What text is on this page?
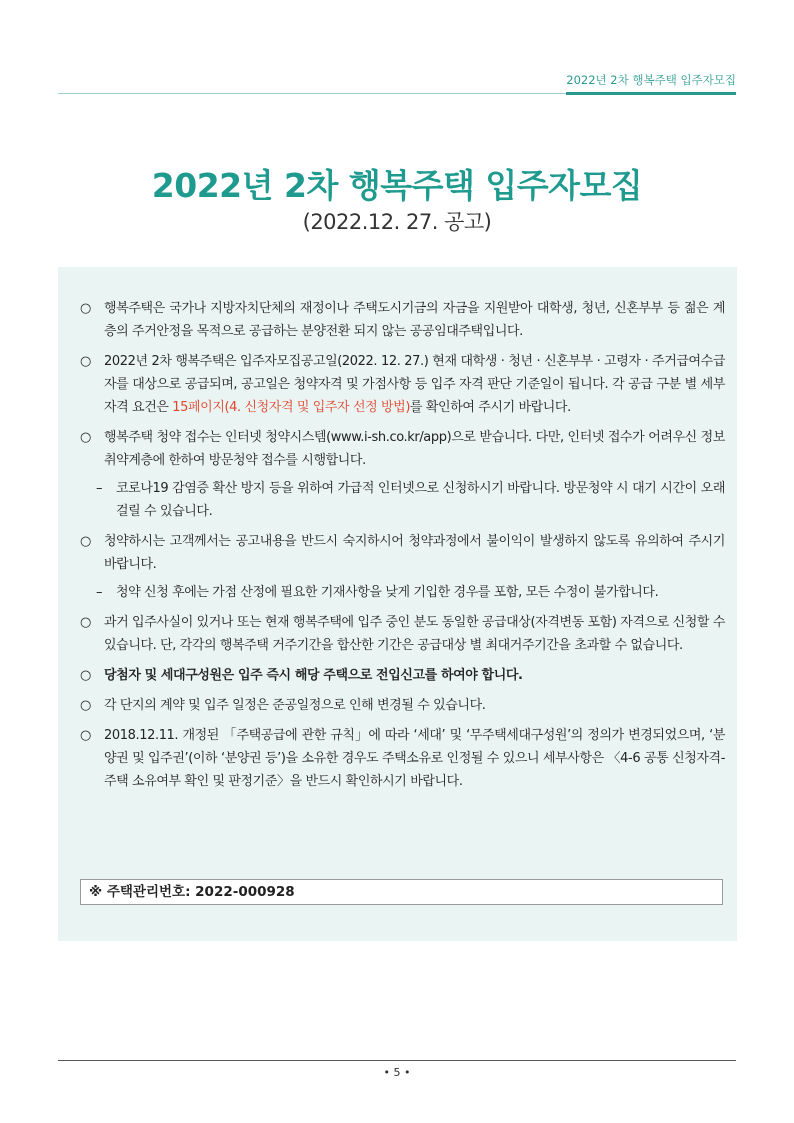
2022년 2차 행복주택 입주자모집
2022년 2차 행복주택 입주자모집
(2022.12. 27. 공고)
○ 행복주택은 국가나 지방자치단체의 재정이나 주택도시기금의 자금을 지원받아 대학생, 청년, 신혼부부 등 젊은 계층의 주거안정을 목적으로 공급하는 분양전환 되지 않는 공공임대주택입니다.
○ 2022년 2차 행복주택은 입주자모집공고일(2022. 12. 27.) 현재 대학생 · 청년 · 신혼부부 · 고령자 · 주거급여수급자를 대상으로 공급되며, 공고일은 청약자격 및 가점사항 등 입주 자격 판단 기준일이 됩니다. 각 공급 구분 별 세부 자격 요건은 15페이지(4. 신청자격 및 입주자 선정 방법)를 확인하여 주시기 바랍니다.
○ 행복주택 청약 접수는 인터넷 청약시스템(www.i-sh.co.kr/app)으로 받습니다. 다만, 인터넷 접수가 어려우신 정보취약계층에 한하여 방문청약 접수를 시행합니다.
– 코로나19 감염증 확산 방지 등을 위하여 가급적 인터넷으로 신청하시기 바랍니다. 방문청약 시 대기 시간이 오래 걸릴 수 있습니다.
○ 청약하시는 고객께서는 공고내용을 반드시 숙지하시어 청약과정에서 불이익이 발생하지 않도록 유의하여 주시기 바랍니다.
– 청약 신청 후에는 가점 산정에 필요한 기재사항을 낮게 기입한 경우를 포함, 모든 수정이 불가합니다.
○ 과거 입주사실이 있거나 또는 현재 행복주택에 입주 중인 분도 동일한 공급대상(자격변동 포함) 자격으로 신청할 수 있습니다. 단, 각각의 행복주택 거주기간을 합산한 기간은 공급대상 별 최대거주기간을 초과할 수 없습니다.
○ 당첨자 및 세대구성원은 입주 즉시 해당 주택으로 전입신고를 하여야 합니다.
○ 각 단지의 계약 및 입주 일정은 준공일정으로 인해 변경될 수 있습니다.
○ 2018.12.11. 개정된 「주택공급에 관한 규칙」에 따라 ‘세대’ 및 ‘무주택세대구성원’의 정의가 변경되었으며, ‘분양권 및 입주권’(이하 ‘분양권 등’)을 소유한 경우도 주택소유로 인정될 수 있으니 세부사항은 〈4-6 공통 신청자격- 주택 소유여부 확인 및 판정기준〉을 반드시 확인하시기 바랍니다.
※ 주택관리번호: 2022-000928
• 5 •
